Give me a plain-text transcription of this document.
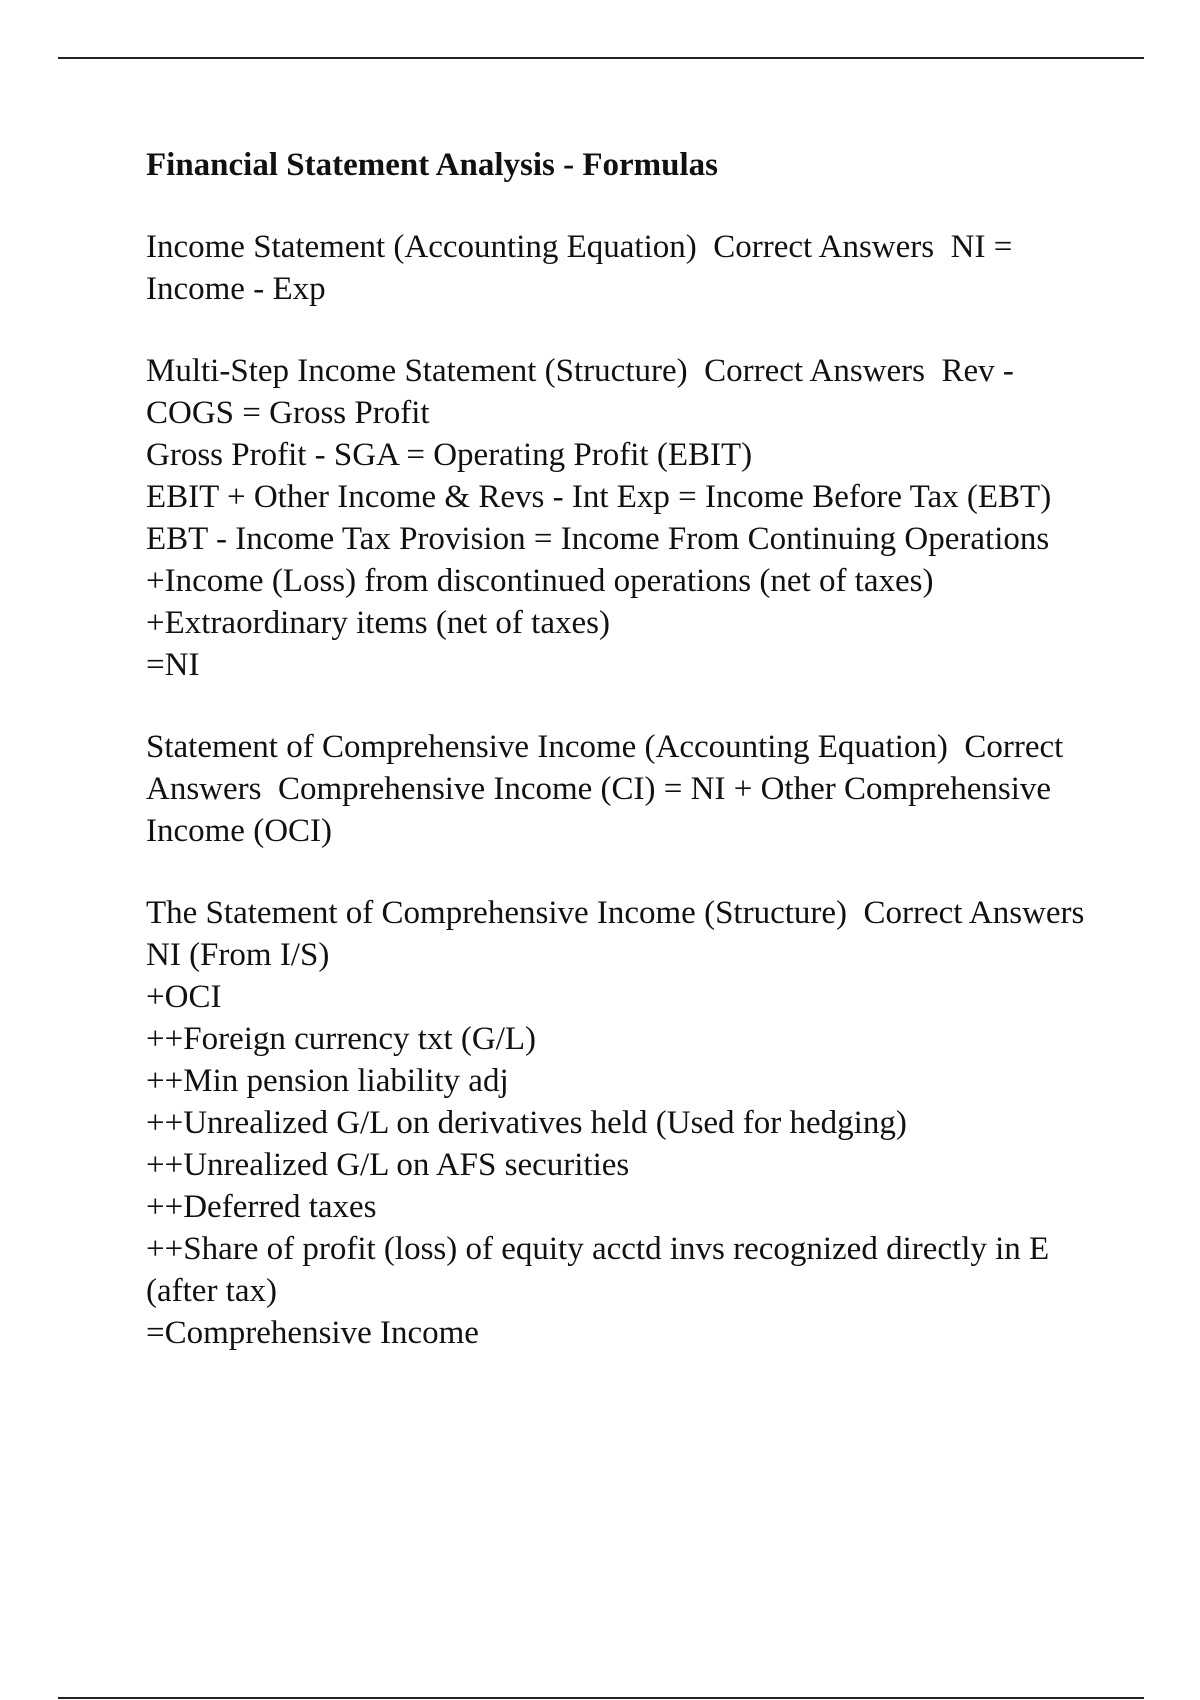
Financial Statement Analysis - Formulas
Income Statement (Accounting Equation)  Correct Answers  NI = Income - Exp
Multi-Step Income Statement (Structure)  Correct Answers  Rev - COGS = Gross Profit
Gross Profit - SGA = Operating Profit (EBIT)
EBIT + Other Income & Revs - Int Exp = Income Before Tax (EBT)
EBT - Income Tax Provision = Income From Continuing Operations
+Income (Loss) from discontinued operations (net of taxes)
+Extraordinary items (net of taxes)
=NI
Statement of Comprehensive Income (Accounting Equation)  Correct Answers  Comprehensive Income (CI) = NI + Other Comprehensive Income (OCI)
The Statement of Comprehensive Income (Structure)  Correct Answers  NI (From I/S)
+OCI
++Foreign currency txt (G/L)
++Min pension liability adj
++Unrealized G/L on derivatives held (Used for hedging)
++Unrealized G/L on AFS securities
++Deferred taxes
++Share of profit (loss) of equity acctd invs recognized directly in E (after tax)
=Comprehensive Income
